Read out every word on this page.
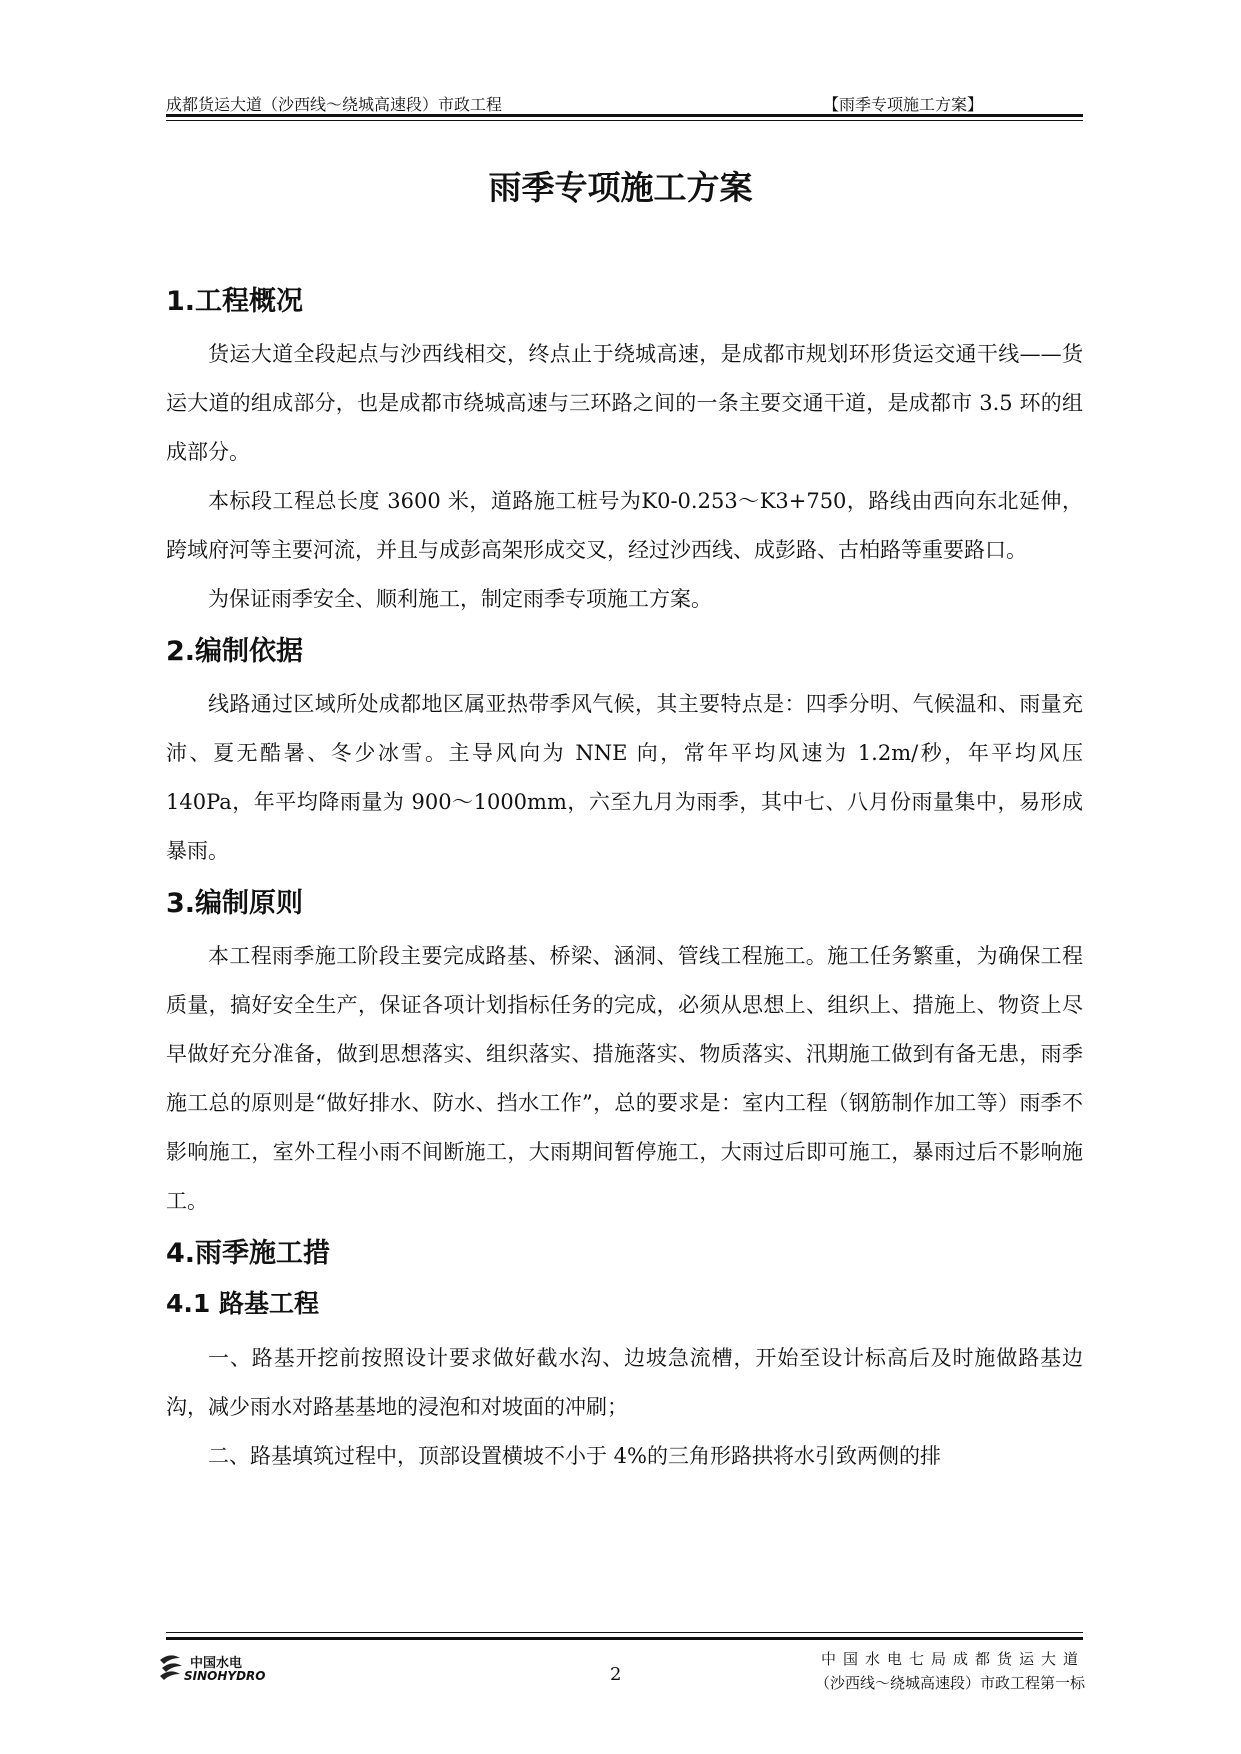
成都货运大道（沙西线～绕城高速段）市政工程	【雨季专项施工方案】
雨季专项施工方案
1.工程概况

货运大道全段起点与沙西线相交，终点止于绕城高速，是成都市规划环形货运交通干线——货运大道的组成部分，也是成都市绕城高速与三环路之间的一条主要交通干道，是成都市 3.5 环的组成部分。

本标段工程总长度 3600 米，道路施工桩号为K0-0.253～K3+750，路线由西向东北延伸，跨域府河等主要河流，并且与成彭高架形成交叉，经过沙西线、成彭路、古柏路等重要路口。

为保证雨季安全、顺利施工，制定雨季专项施工方案。

2.编制依据

线路通过区域所处成都地区属亚热带季风气候，其主要特点是：四季分明、气候温和、雨量充沛、夏无酷暑、冬少冰雪。主导风向为 NNE 向，常年平均风速为 1.2m/秒，年平均风压 140Pa，年平均降雨量为 900～1000mm，六至九月为雨季，其中七、八月份雨量集中，易形成暴雨。

3.编制原则

本工程雨季施工阶段主要完成路基、桥梁、涵洞、管线工程施工。施工任务繁重，为确保工程质量，搞好安全生产，保证各项计划指标任务的完成，必须从思想上、组织上、措施上、物资上尽早做好充分准备，做到思想落实、组织落实、措施落实、物质落实、汛期施工做到有备无患，雨季施工总的原则是“做好排水、防水、挡水工作”，总的要求是：室内工程（钢筋制作加工等）雨季不影响施工，室外工程小雨不间断施工，大雨期间暂停施工，大雨过后即可施工，暴雨过后不影响施工。

4.雨季施工措
4.1 路基工程

一、路基开挖前按照设计要求做好截水沟、边坡急流槽，开始至设计标高后及时施做路基边沟，减少雨水对路基基地的浸泡和对坡面的冲刷；

二、路基填筑过程中，顶部设置横坡不小于 4%的三角形路拱将水引致两侧的排

中国水电
SINOHYDRO	2
中国水电七局成都货运大道
（沙西线～绕城高速段）市政工程第一标
